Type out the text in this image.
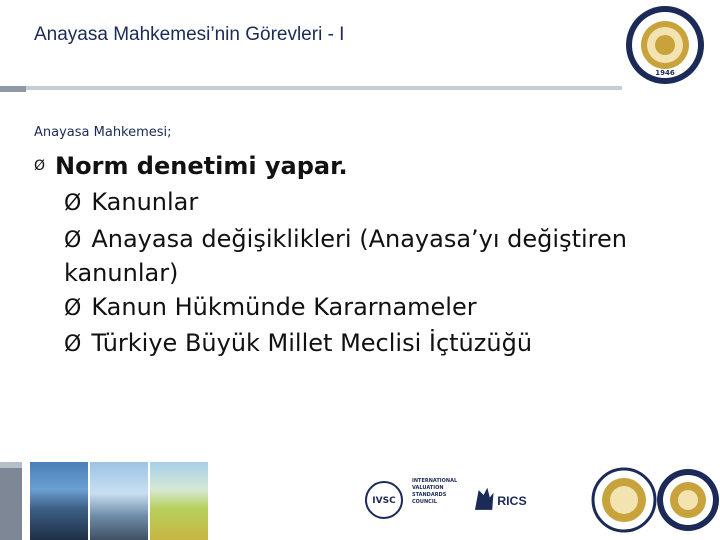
Anayasa Mahkemesi’nin Görevleri - I
1946
Anayasa Mahkemesi;
Ø Norm denetimi yapar.
Ø Kanunlar
Ø Anayasa değişiklikleri (Anayasa’yı değiştiren
kanunlar)
Ø Kanun Hükmünde Kararnameler
Ø Türkiye Büyük Millet Meclisi İçtüzüğü
IVSC
INTERNATIONAL
VALUATION
STANDARDS
COUNCIL	RICS
